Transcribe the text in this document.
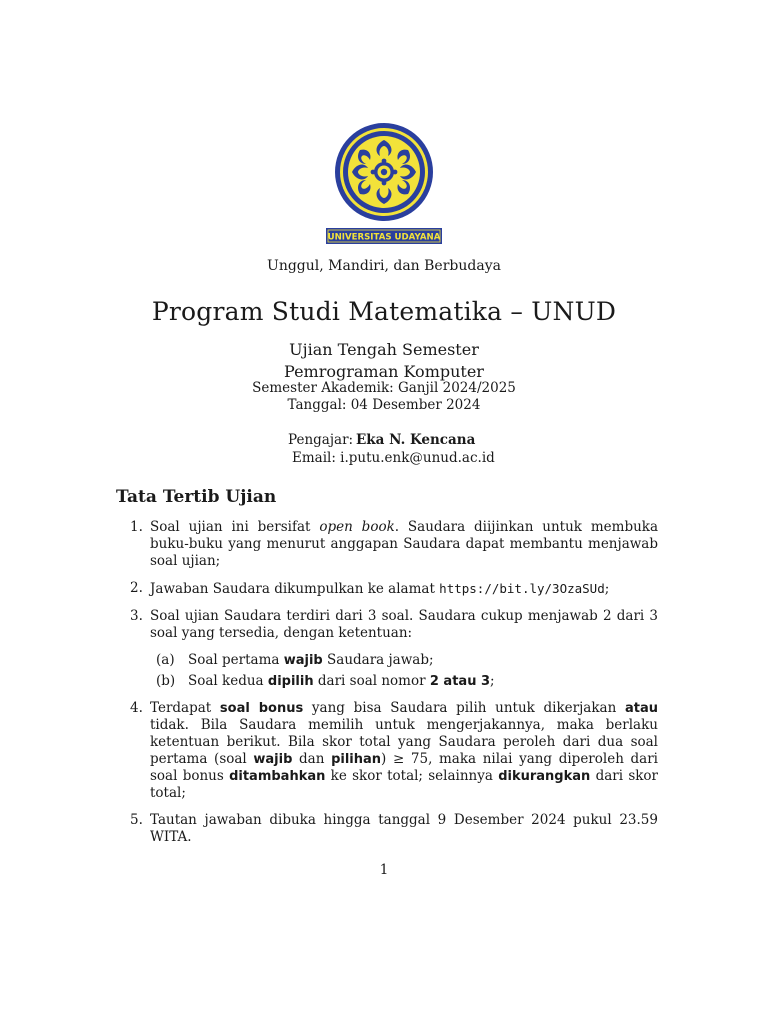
UNIVERSITAS UDAYANA
Unggul, Mandiri, dan Berbudaya
Program Studi Matematika – UNUD
Ujian Tengah Semester
Pemrograman Komputer
Semester Akademik: Ganjil 2024/2025
Tanggal: 04 Desember 2024
Pengajar: Eka N. Kencana
Email: i.putu.enk@unud.ac.id
Tata Tertib Ujian
1. Soal ujian ini bersifat open book. Saudara diijinkan untuk membuka buku-buku yang menurut anggapan Saudara dapat membantu menjawab soal ujian;
2. Jawaban Saudara dikumpulkan ke alamat https://bit.ly/3OzaSUd;
3. Soal ujian Saudara terdiri dari 3 soal. Saudara cukup menjawab 2 dari 3 soal yang tersedia, dengan ketentuan:
(a) Soal pertama wajib Saudara jawab;
(b) Soal kedua dipilih dari soal nomor 2 atau 3;
4. Terdapat soal bonus yang bisa Saudara pilih untuk dikerjakan atau tidak. Bila Saudara memilih untuk mengerjakannya, maka berlaku ketentuan berikut. Bila skor total yang Saudara peroleh dari dua soal pertama (soal wajib dan pilihan) ≥ 75, maka nilai yang diperoleh dari soal bonus ditambahkan ke skor total; selainnya dikurangkan dari skor total;
5. Tautan jawaban dibuka hingga tanggal 9 Desember 2024 pukul 23.59 WITA.
1
